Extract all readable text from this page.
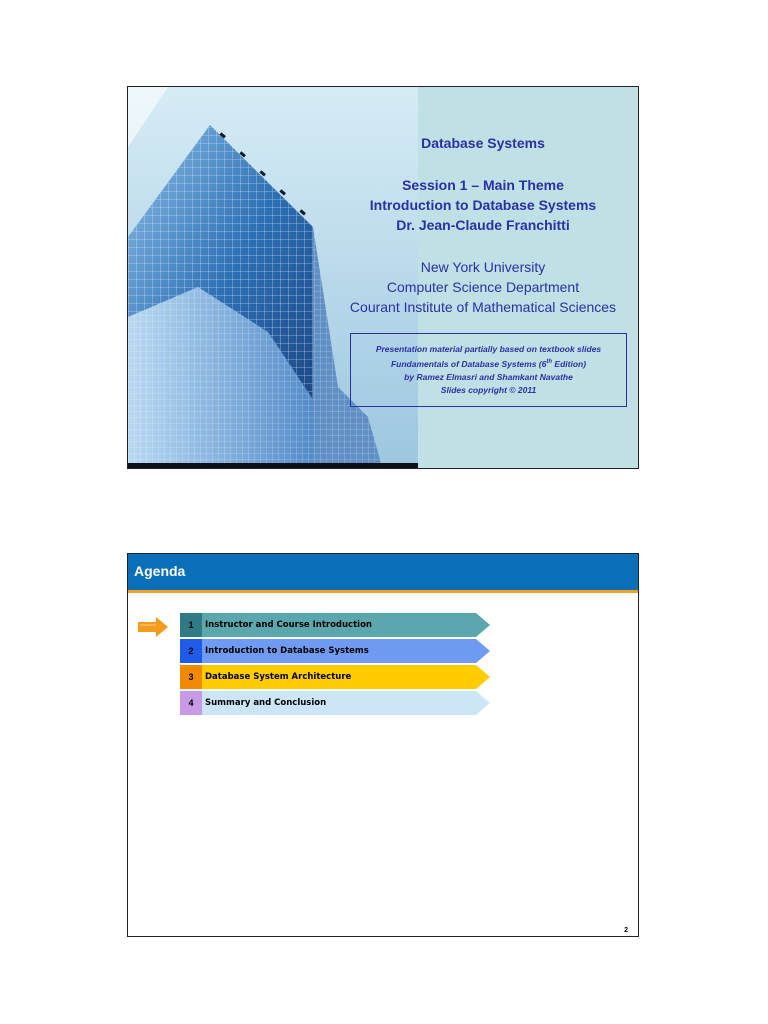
Database Systems
Session 1 – Main Theme
Introduction to Database Systems
Dr. Jean-Claude Franchitti
New York University
Computer Science Department
Courant Institute of Mathematical Sciences
Presentation material partially based on textbook slides
Fundamentals of Database Systems (6th Edition)
by Ramez Elmasri and Shamkant Navathe
Slides copyright © 2011
Agenda
1	Instructor and Course Introduction
2	Introduction to Database Systems
3	Database System Architecture
4	Summary and Conclusion
2
